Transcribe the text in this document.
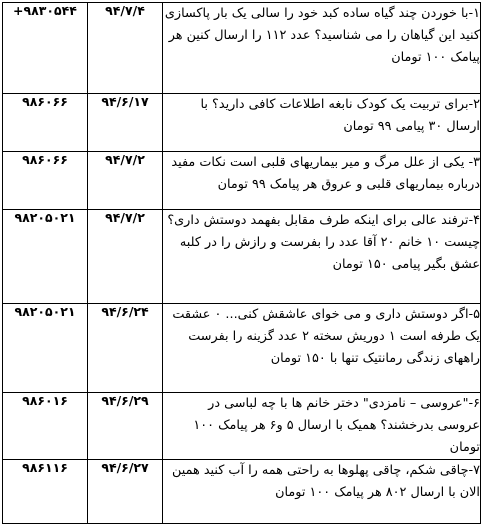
+۹۸۳۰۵۴۴	۹۴/۷/۴	۱-با خوردن چند گیاه ساده کبد خود را سالی یک بار پاکسازی کنید این گیاهان را می شناسید؟ عدد ۱۱۲ را ارسال کنین هر پیامک ۱۰۰ تومان

۹۸۶۰۶۶	۹۴/۶/۱۷	۲-برای تربیت یک کودک نابغه اطلاعات کافی دارید؟ با ارسال ۳۰ پیامی ۹۹ تومان

۹۸۶۰۶۶	۹۴/۷/۲	۳- یکی از علل مرگ و میر بیماریهای قلبی است نکات مفید درباره بیماریهای قلبی و عروق هر پیامک ۹۹ تومان

۹۸۲۰۵۰۲۱	۹۴/۷/۲	۴-ترفند عالی برای اینکه طرف مقابل بفهمد دوستش داری؟ چیست ۱۰ خانم ۲۰ آقا عدد را بفرست و رازش را در کلبه عشق بگیر پیامی ۱۵۰ تومان

۹۸۲۰۵۰۲۱	۹۴/۶/۲۴	۵-اگر دوستش داری و می خوای عاشقش کنی... ۰ عشقت یک طرفه است ۱ دوریش سخته ۲ عدد گزینه را بفرست راههای زندگی رمانتیک تنها با ۱۵۰ تومان

۹۸۶۰۱۶	۹۴/۶/۲۹	۶-"عروسی – نامزدی" دختر خانم ها با چه لباسی در عروسی بدرخشند؟ همیک با ارسال ۵ و۶ هر پیامک ۱۰۰ تومان

۹۸۶۱۱۶	۹۴/۶/۲۷	۷-چاقی شکم، چاقی پهلوها به راحتی همه را آب کنید همین الان با ارسال ۸۰۲ هر پیامک ۱۰۰ تومان
